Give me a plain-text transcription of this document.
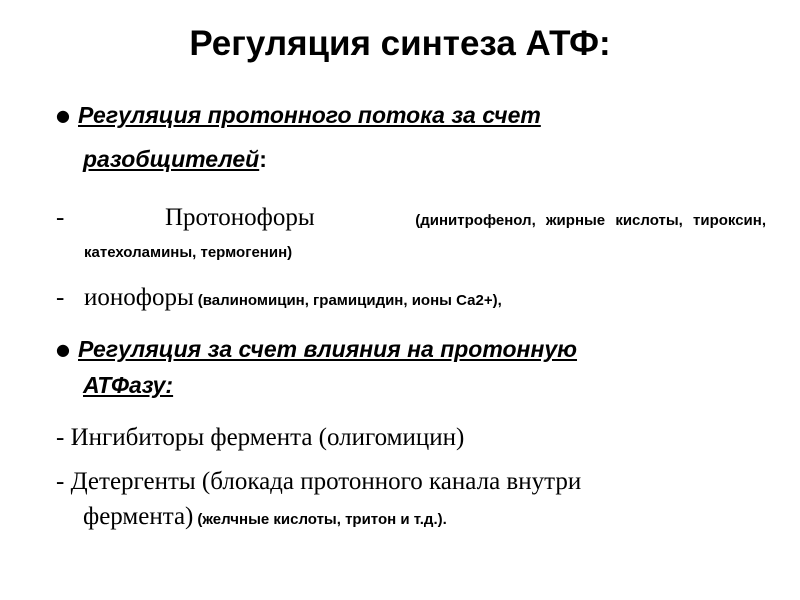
Регуляция синтеза АТФ:
● Регуляция протонного потока за счет
разобщителей:
-	Протонофоры	(динитрофенол, жирные кислоты, тироксин,
катехоламины, термогенин)
- ионофоры (валиномицин, грамицидин, ионы Са2+),
● Регуляция за счет влияния на протонную
АТФазу:
- Ингибиторы фермента (олигомицин)
- Детергенты (блокада протонного канала внутри
фермента) (желчные кислоты, тритон и т.д.).
